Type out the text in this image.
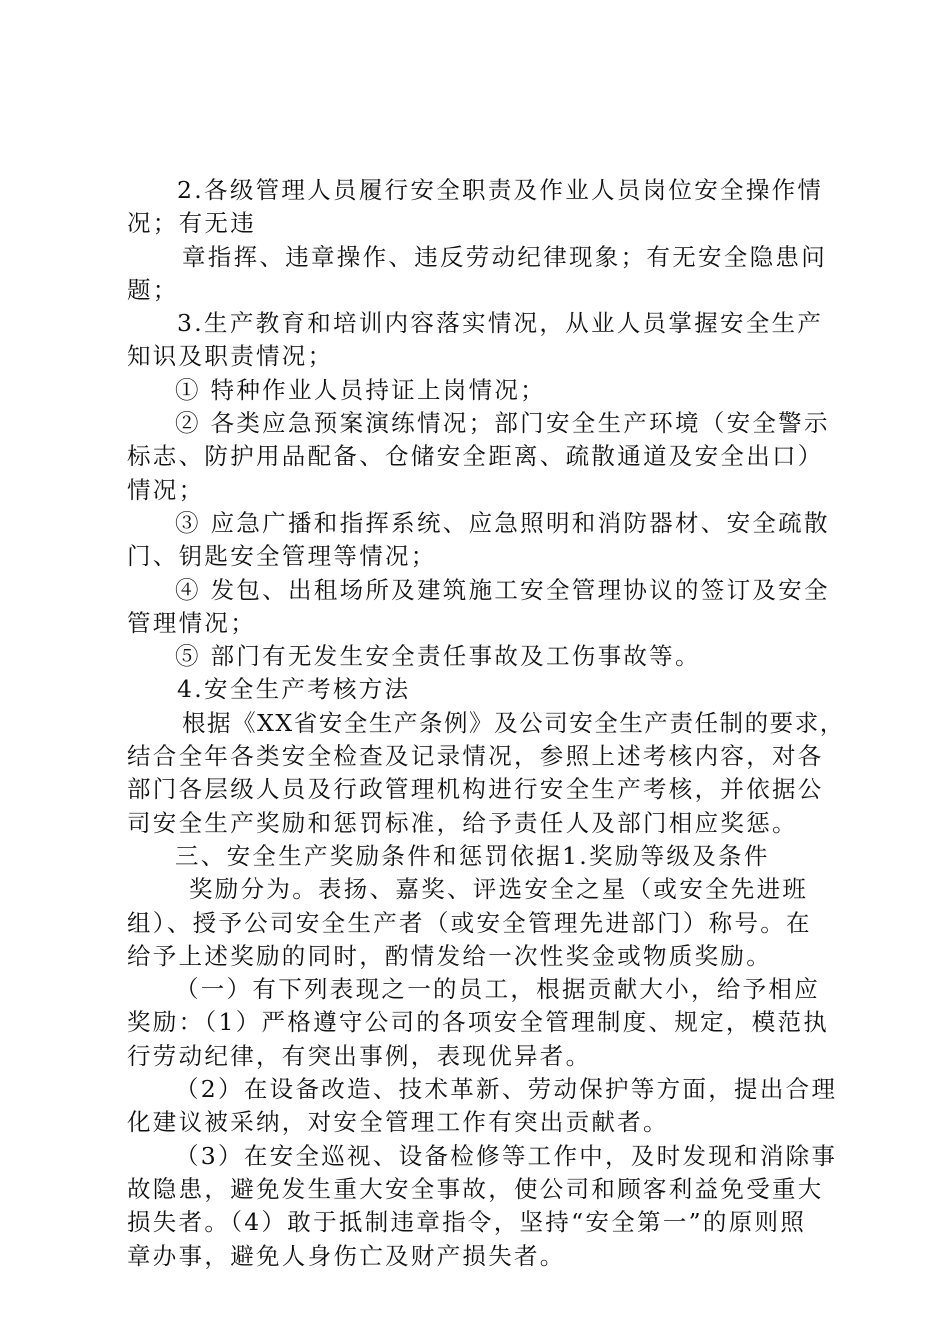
2.各级管理人员履行安全职责及作业人员岗位安全操作情
况；有无违
章指挥、违章操作、违反劳动纪律现象；有无安全隐患问
题；
3.生产教育和培训内容落实情况，从业人员掌握安全生产
知识及职责情况；
① 特种作业人员持证上岗情况；
② 各类应急预案演练情况；部门安全生产环境（安全警示
标志、防护用品配备、仓储安全距离、疏散通道及安全出口）
情况；
③ 应急广播和指挥系统、应急照明和消防器材、安全疏散
门、钥匙安全管理等情况；
④ 发包、出租场所及建筑施工安全管理协议的签订及安全
管理情况；
⑤ 部门有无发生安全责任事故及工伤事故等。
4.安全生产考核方法
根据《XX省安全生产条例》及公司安全生产责任制的要求，
结合全年各类安全检查及记录情况，参照上述考核内容，对各
部门各层级人员及行政管理机构进行安全生产考核，并依据公
司安全生产奖励和惩罚标准，给予责任人及部门相应奖惩。
三、安全生产奖励条件和惩罚依据1.奖励等级及条件
奖励分为。表扬、嘉奖、评选安全之星（或安全先进班
组）、授予公司安全生产者（或安全管理先进部门）称号。在
给予上述奖励的同时，酌情发给一次性奖金或物质奖励。
（一）有下列表现之一的员工，根据贡献大小，给予相应
奖励：（1）严格遵守公司的各项安全管理制度、规定，模范执
行劳动纪律，有突出事例，表现优异者。
（2）在设备改造、技术革新、劳动保护等方面，提出合理
化建议被采纳，对安全管理工作有突出贡献者。
（3）在安全巡视、设备检修等工作中，及时发现和消除事
故隐患，避免发生重大安全事故，使公司和顾客利益免受重大
损失者。（4）敢于抵制违章指令，坚持“安全第一”的原则照
章办事，避免人身伤亡及财产损失者。
